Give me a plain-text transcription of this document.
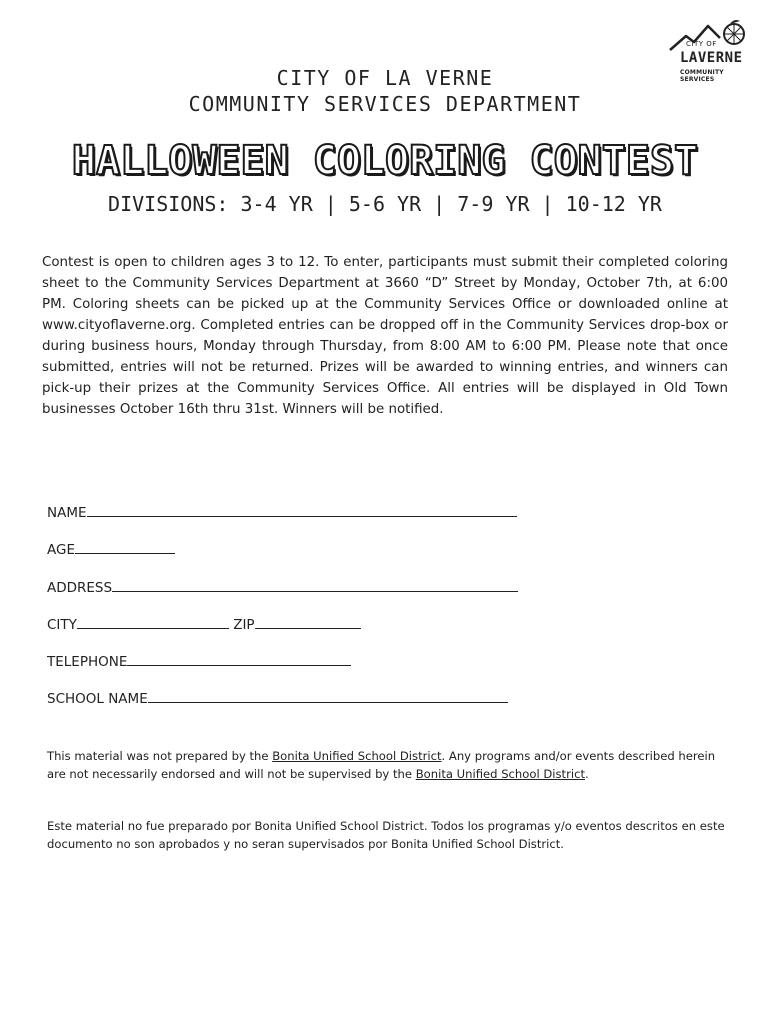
CITY OF
LAVERNE
COMMUNITY SERVICES
CITY OF LA VERNE
COMMUNITY SERVICES DEPARTMENT
HALLOWEEN COLORING CONTEST
DIVISIONS: 3-4 YR | 5-6 YR | 7-9 YR | 10-12 YR
Contest is open to children ages 3 to 12. To enter, participants must submit their completed coloring sheet to the Community Services Department at 3660 “D” Street by Monday, October 7th, at 6:00 PM. Coloring sheets can be picked up at the Community Services Office or downloaded online at www.cityoflaverne.org. Completed entries can be dropped off in the Community Services drop-box or during business hours, Monday through Thursday, from 8:00 AM to 6:00 PM. Please note that once submitted, entries will not be returned. Prizes will be awarded to winning entries, and winners can pick-up their prizes at the Community Services Office. All entries will be displayed in Old Town businesses October 16th thru 31st. Winners will be notified.
NAME
AGE
ADDRESS
CITY	ZIP
TELEPHONE
SCHOOL NAME
This material was not prepared by the Bonita Unified School District. Any programs and/or events described herein are not necessarily endorsed and will not be supervised by the Bonita Unified School District.
Este material no fue preparado por Bonita Unified School District. Todos los programas y/o eventos descritos en este documento no son aprobados y no seran supervisados por Bonita Unified School District.
